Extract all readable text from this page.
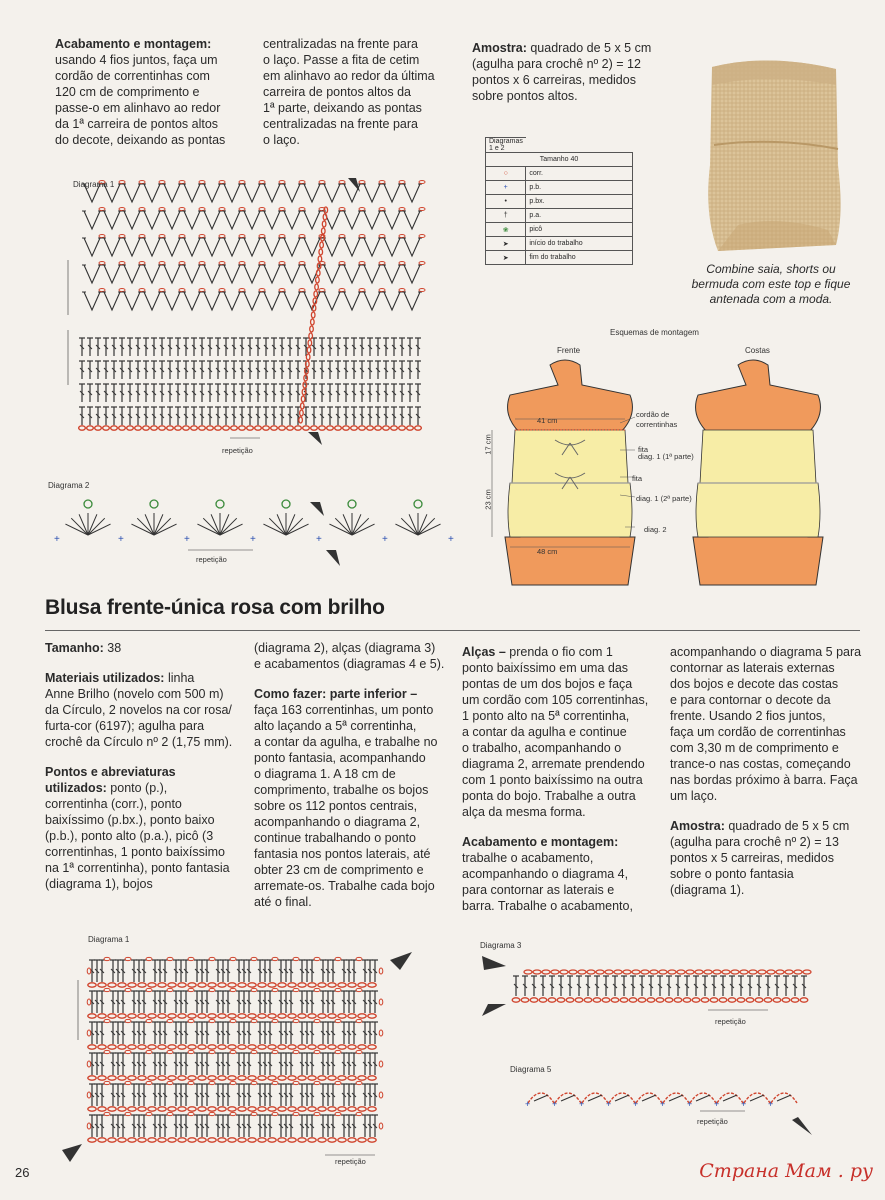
Acabamento e montagem:
usando 4 fios juntos, faça um
cordão de correntinhas com
120 cm de comprimento e
passe-o em alinhavo ao redor
da 1ª carreira de pontos altos
do decote, deixando as pontas
centralizadas na frente para
o laço. Passe a fita de cetim
em alinhavo ao redor da última
carreira de pontos altos da
1ª parte, deixando as pontas
centralizadas na frente para
o laço.
Amostra: quadrado de 5 x 5 cm
(agulha para crochê nº 2) = 12
pontos x 6 carreiras, medidos
sobre pontos altos.
Combine saia, shorts ou
bermuda com este top e fique
antenada com a moda.
Diagramas 1 e 2	
Tamanho 40	
○	corr.
+	p.b.
•	p.bx.
†	p.a.
❀	picô
➤	início do trabalho
➤	fim do trabalho
Diagrama 1
repetição
Diagrama 2
+	+	+	+	+	+
+
repetição
Esquemas de montagem
Frente	Costas
41 cm
48 cm
17 cm
23 cm
cordão de
correntinhas
fita
diag. 1 (1ª parte)
fita
diag. 1 (2ª parte)
diag. 2
Blusa frente-única rosa com brilho
Tamanho: 38
Materiais utilizados: linha
Anne Brilho (novelo com 500 m)
da Círculo, 2 novelos na cor rosa/
furta-cor (6197); agulha para
crochê da Círculo nº 2 (1,75 mm).
Pontos e abreviaturas
utilizados: ponto (p.),
correntinha (corr.), ponto
baixíssimo (p.bx.), ponto baixo
(p.b.), ponto alto (p.a.), picô (3
correntinhas, 1 ponto baixíssimo
na 1ª correntinha), ponto fantasia
(diagrama 1), bojos
(diagrama 2), alças (diagrama 3)
e acabamentos (diagramas 4 e 5).
Como fazer: parte inferior –
faça 163 correntinhas, um ponto
alto laçando a 5ª correntinha,
a contar da agulha, e trabalhe no
ponto fantasia, acompanhando
o diagrama 1. A 18 cm de
comprimento, trabalhe os bojos
sobre os 112 pontos centrais,
acompanhando o diagrama 2,
continue trabalhando o ponto
fantasia nos pontos laterais, até
obter 23 cm de comprimento e
arremate-os. Trabalhe cada bojo
até o final.
Alças – prenda o fio com 1
ponto baixíssimo em uma das
pontas de um dos bojos e faça
um cordão com 105 correntinhas,
1 ponto alto na 5ª correntinha,
a contar da agulha e continue
o trabalho, acompanhando o
diagrama 2, arremate prendendo
com 1 ponto baixíssimo na outra
ponta do bojo. Trabalhe a outra
alça da mesma forma.
Acabamento e montagem:
trabalhe o acabamento,
acompanhando o diagrama 4,
para contornar as laterais e
barra. Trabalhe o acabamento,
acompanhando o diagrama 5 para
contornar as laterais externas
dos bojos e decote das costas
e para contornar o decote da
frente. Usando 2 fios juntos,
faça um cordão de correntinhas
com 3,30 m de comprimento e
trance-o nas costas, começando
nas bordas próximo à barra. Faça
um laço.
Amostra: quadrado de 5 x 5 cm
(agulha para crochê nº 2) = 13
pontos x 5 carreiras, medidos
sobre o ponto fantasia
(diagrama 1).
Diagrama 1
repetição
Diagrama 3
repetição
Diagrama 5
+ + + + + + + + + +
repetição
26	Страна Мам . ру
